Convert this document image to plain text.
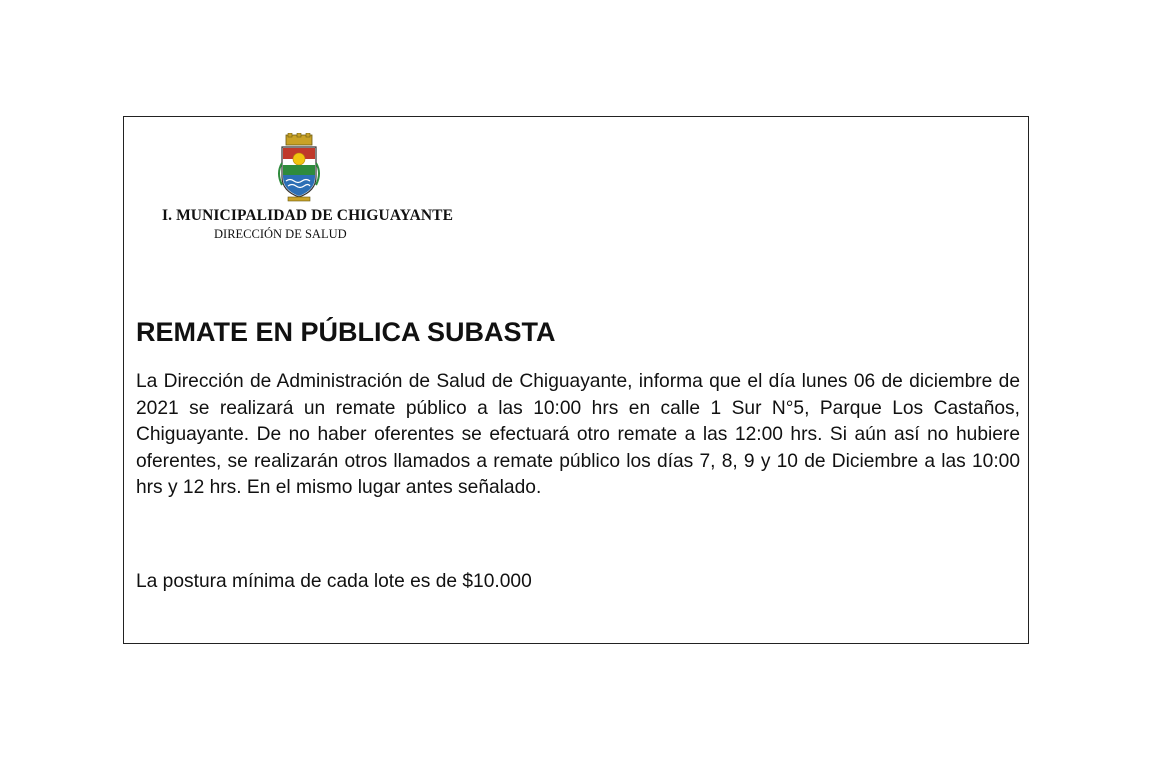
I. MUNICIPALIDAD DE CHIGUAYANTE
DIRECCIÓN DE SALUD
REMATE EN PÚBLICA SUBASTA

La Dirección de Administración de Salud de Chiguayante, informa que el día lunes 06 de diciembre de 2021 se realizará un remate público a las 10:00 hrs en calle 1 Sur N°5, Parque Los Castaños, Chiguayante. De no haber oferentes se efectuará otro remate a las 12:00 hrs. Si aún así no hubiere oferentes, se realizarán otros llamados a remate público los días 7, 8, 9 y 10 de Diciembre a las 10:00 hrs y 12 hrs. En el mismo lugar antes señalado.

La postura mínima de cada lote es de $10.000
